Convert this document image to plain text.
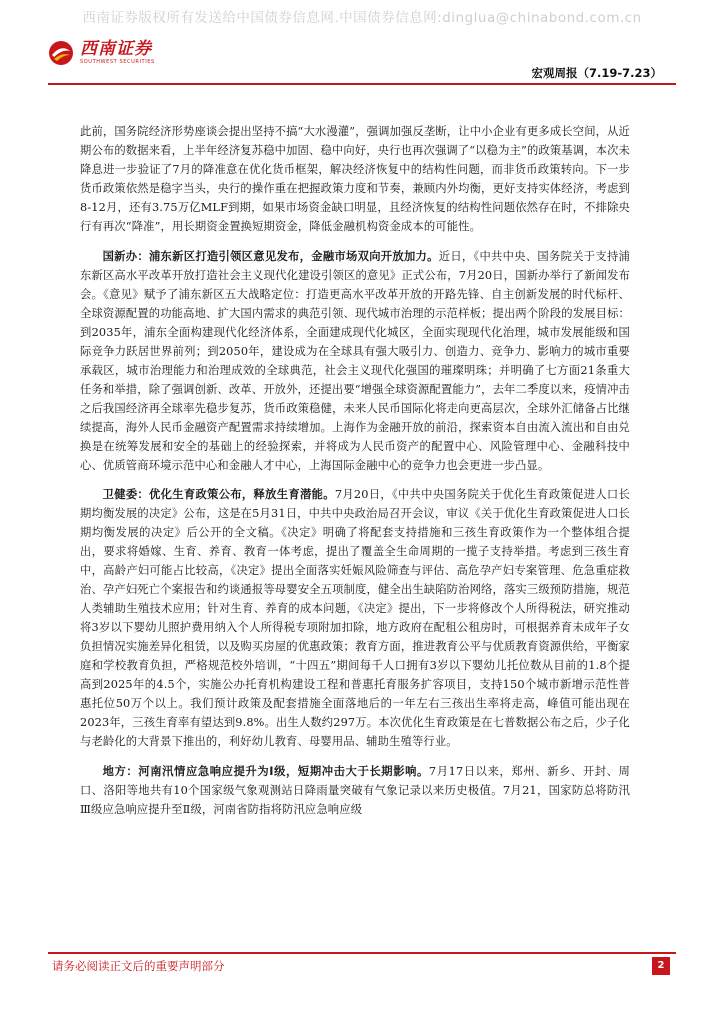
西南证券版权所有发送给中国债券信息网.中国债券信息网:dinglua@chinabond.com.cn
西南证券
SOUTHWEST SECURITIES
宏观周报（7.19-7.23）

此前，国务院经济形势座谈会提出坚持不搞“大水漫灌”，强调加强反垄断，让中小企业有更多成长空间，从近期公布的数据来看，上半年经济复苏稳中加固、稳中向好，央行也再次强调了“以稳为主”的政策基调，本次未降息进一步验证了7月的降准意在优化货币框架，解决经济恢复中的结构性问题，而非货币政策转向。下一步货币政策依然是稳字当头，央行的操作重在把握政策力度和节奏，兼顾内外均衡，更好支持实体经济，考虑到8-12月，还有3.75万亿MLF到期，如果市场资金缺口明显，且经济恢复的结构性问题依然存在时，不排除央行有再次“降准”，用长期资金置换短期资金，降低金融机构资金成本的可能性。

国新办：浦东新区打造引领区意见发布，金融市场双向开放加力。近日，《中共中央、国务院关于支持浦东新区高水平改革开放打造社会主义现代化建设引领区的意见》正式公布，7月20日，国新办举行了新闻发布会。《意见》赋予了浦东新区五大战略定位：打造更高水平改革开放的开路先锋、自主创新发展的时代标杆、全球资源配置的功能高地、扩大国内需求的典范引领、现代城市治理的示范样板；提出两个阶段的发展目标：到2035年，浦东全面构建现代化经济体系，全面建成现代化城区，全面实现现代化治理，城市发展能级和国际竞争力跃居世界前列；到2050年，建设成为在全球具有强大吸引力、创造力、竞争力、影响力的城市重要承载区，城市治理能力和治理成效的全球典范，社会主义现代化强国的璀璨明珠；并明确了七方面21条重大任务和举措，除了强调创新、改革、开放外，还提出要“增强全球资源配置能力”，去年二季度以来，疫情冲击之后我国经济再全球率先稳步复苏，货币政策稳健，未来人民币国际化将走向更高层次，全球外汇储备占比继续提高，海外人民币金融资产配置需求持续增加。上海作为金融开放的前沿，探索资本自由流入流出和自由兑换是在统筹发展和安全的基础上的经验探索，并将成为人民币资产的配置中心、风险管理中心、金融科技中心、优质管商环境示范中心和金融人才中心，上海国际金融中心的竞争力也会更进一步凸显。

卫健委：优化生育政策公布，释放生育潜能。7月20日，《中共中央国务院关于优化生育政策促进人口长期均衡发展的决定》公布，这是在5月31日，中共中央政治局召开会议，审议《关于优化生育政策促进人口长期均衡发展的决定》后公开的全文稿。《决定》明确了将配套支持措施和三孩生育政策作为一个整体组合提出，要求将婚嫁、生育、养育、教育一体考虑，提出了覆盖全生命周期的一揽子支持举措。考虑到三孩生育中，高龄产妇可能占比较高，《决定》提出全面落实妊娠风险筛查与评估、高危孕产妇专案管理、危急重症救治、孕产妇死亡个案报告和约谈通报等母婴安全五项制度，健全出生缺陷防治网络，落实三级预防措施，规范人类辅助生殖技术应用；针对生育、养育的成本问题，《决定》提出，下一步将修改个人所得税法，研究推动将3岁以下婴幼儿照护费用纳入个人所得税专项附加扣除，地方政府在配租公租房时，可根据养育未成年子女负担情况实施差异化租赁，以及购买房屋的优惠政策；教育方面，推进教育公平与优质教育资源供给，平衡家庭和学校教育负担，严格规范校外培训，“十四五”期间每千人口拥有3岁以下婴幼儿托位数从目前的1.8个提高到2025年的4.5个，实施公办托育机构建设工程和普惠托育服务扩容项目，支持150个城市新增示范性普惠托位50万个以上。我们预计政策及配套措施全面落地后的一年左右三孩出生率将走高，峰值可能出现在2023年，三孩生育率有望达到9.8%。出生人数约297万。本次优化生育政策是在七普数据公布之后，少子化与老龄化的大背景下推出的，利好幼儿教育、母婴用品、辅助生殖等行业。

地方：河南汛情应急响应提升为Ⅰ级，短期冲击大于长期影响。7月17日以来，郑州、新乡、开封、周口、洛阳等地共有10个国家级气象观测站日降雨量突破有气象记录以来历史极值。7月21，国家防总将防汛Ⅲ级应急响应提升至Ⅱ级，河南省防指将防汛应急响应级

请务必阅读正文后的重要声明部分	2
